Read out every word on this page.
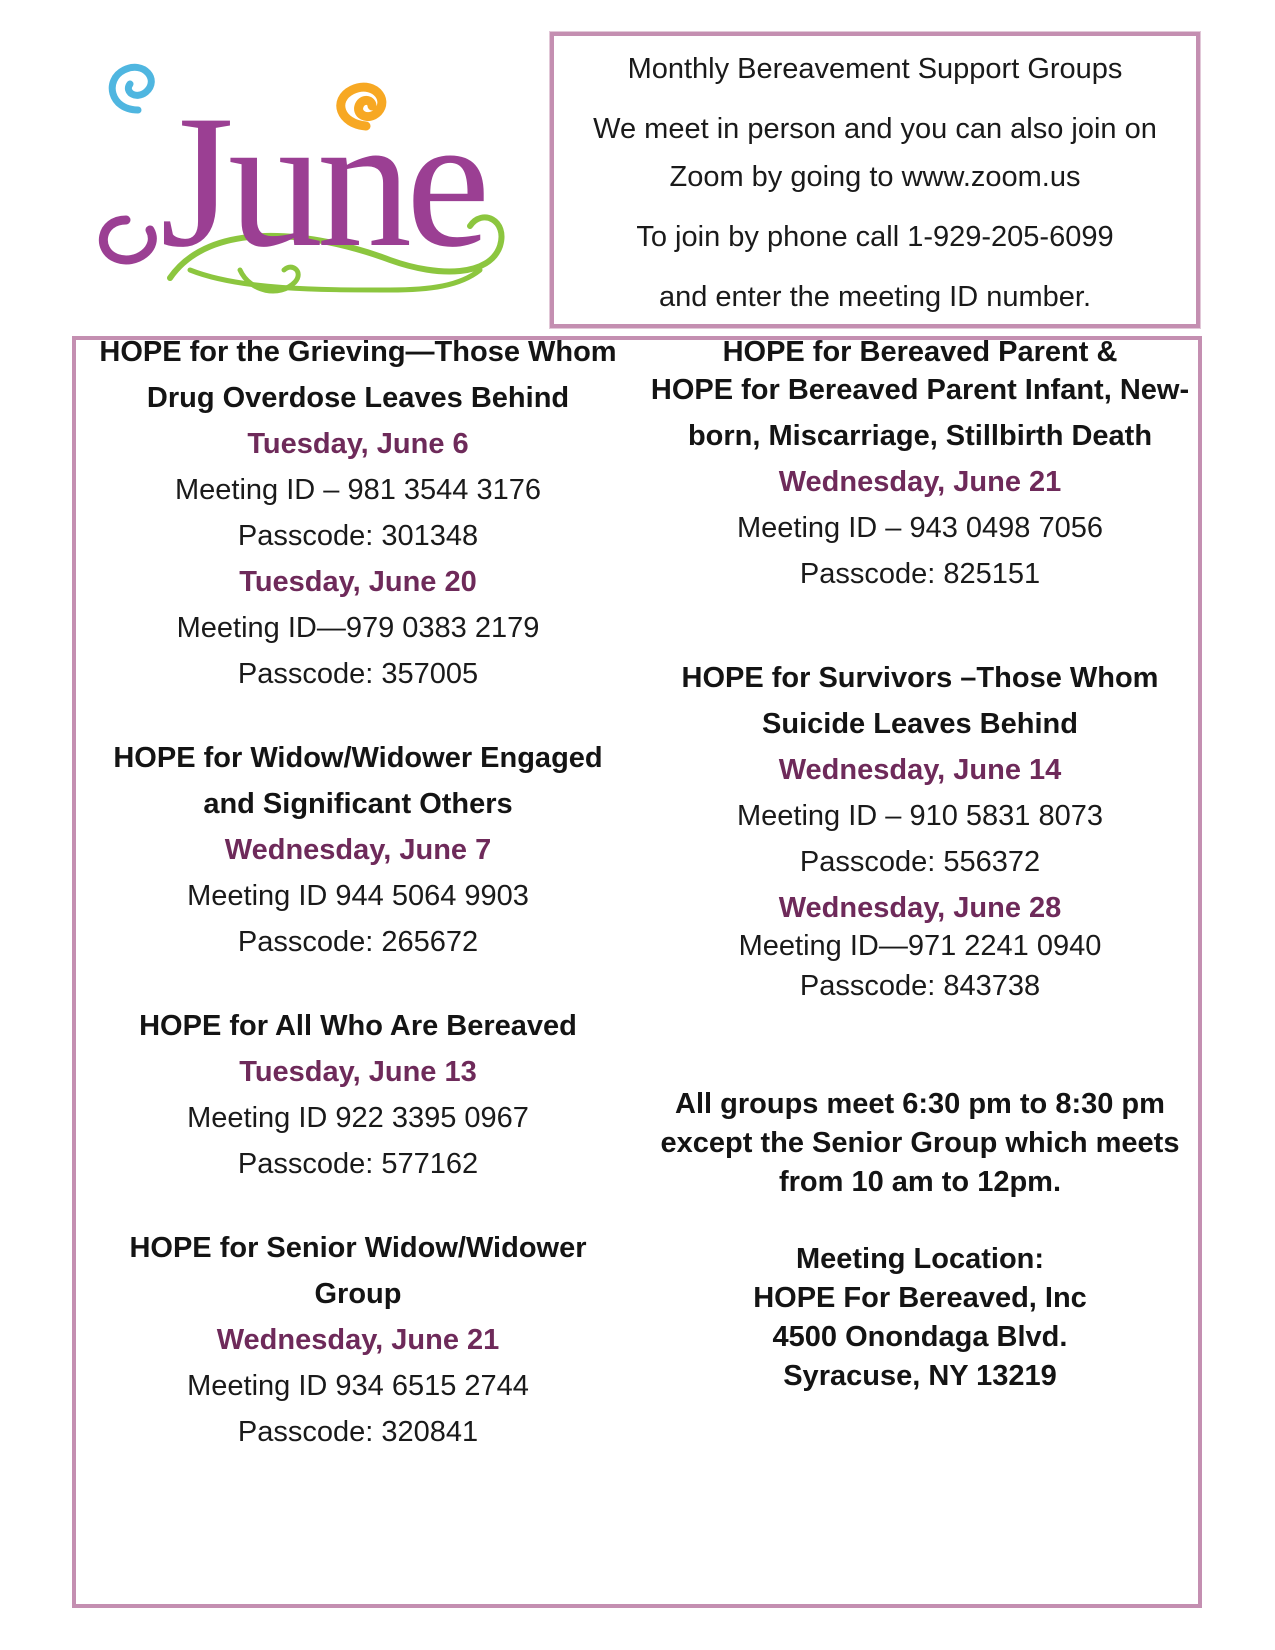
June
Monthly Bereavement Support Groups
We meet in person and you can also join on
Zoom by going to www.zoom.us
To join by phone call 1-929-205-6099
and enter the meeting ID number.
HOPE for the Grieving—Those Whom
Drug Overdose Leaves Behind
Tuesday, June 6
Meeting ID – 981 3544 3176
Passcode: 301348
Tuesday, June 20
Meeting ID—979 0383 2179
Passcode: 357005
HOPE for Widow/Widower Engaged
and Significant Others
Wednesday, June 7
Meeting ID 944 5064 9903
Passcode: 265672
HOPE for All Who Are Bereaved
Tuesday, June 13
Meeting ID 922 3395 0967
Passcode: 577162
HOPE for Senior Widow/Widower
Group
Wednesday, June 21
Meeting ID 934 6515 2744
Passcode: 320841
HOPE for Bereaved Parent &
HOPE for Bereaved Parent Infant, New-
born, Miscarriage, Stillbirth Death
Wednesday, June 21
Meeting ID – 943 0498 7056
Passcode: 825151
HOPE for Survivors –Those Whom
Suicide Leaves Behind
Wednesday, June 14
Meeting ID – 910 5831 8073
Passcode: 556372
Wednesday, June 28
Meeting ID—971 2241 0940
Passcode: 843738
All groups meet 6:30 pm to 8:30 pm
except the Senior Group which meets
from 10 am to 12pm.
Meeting Location:
HOPE For Bereaved, Inc
4500 Onondaga Blvd.
Syracuse, NY 13219
